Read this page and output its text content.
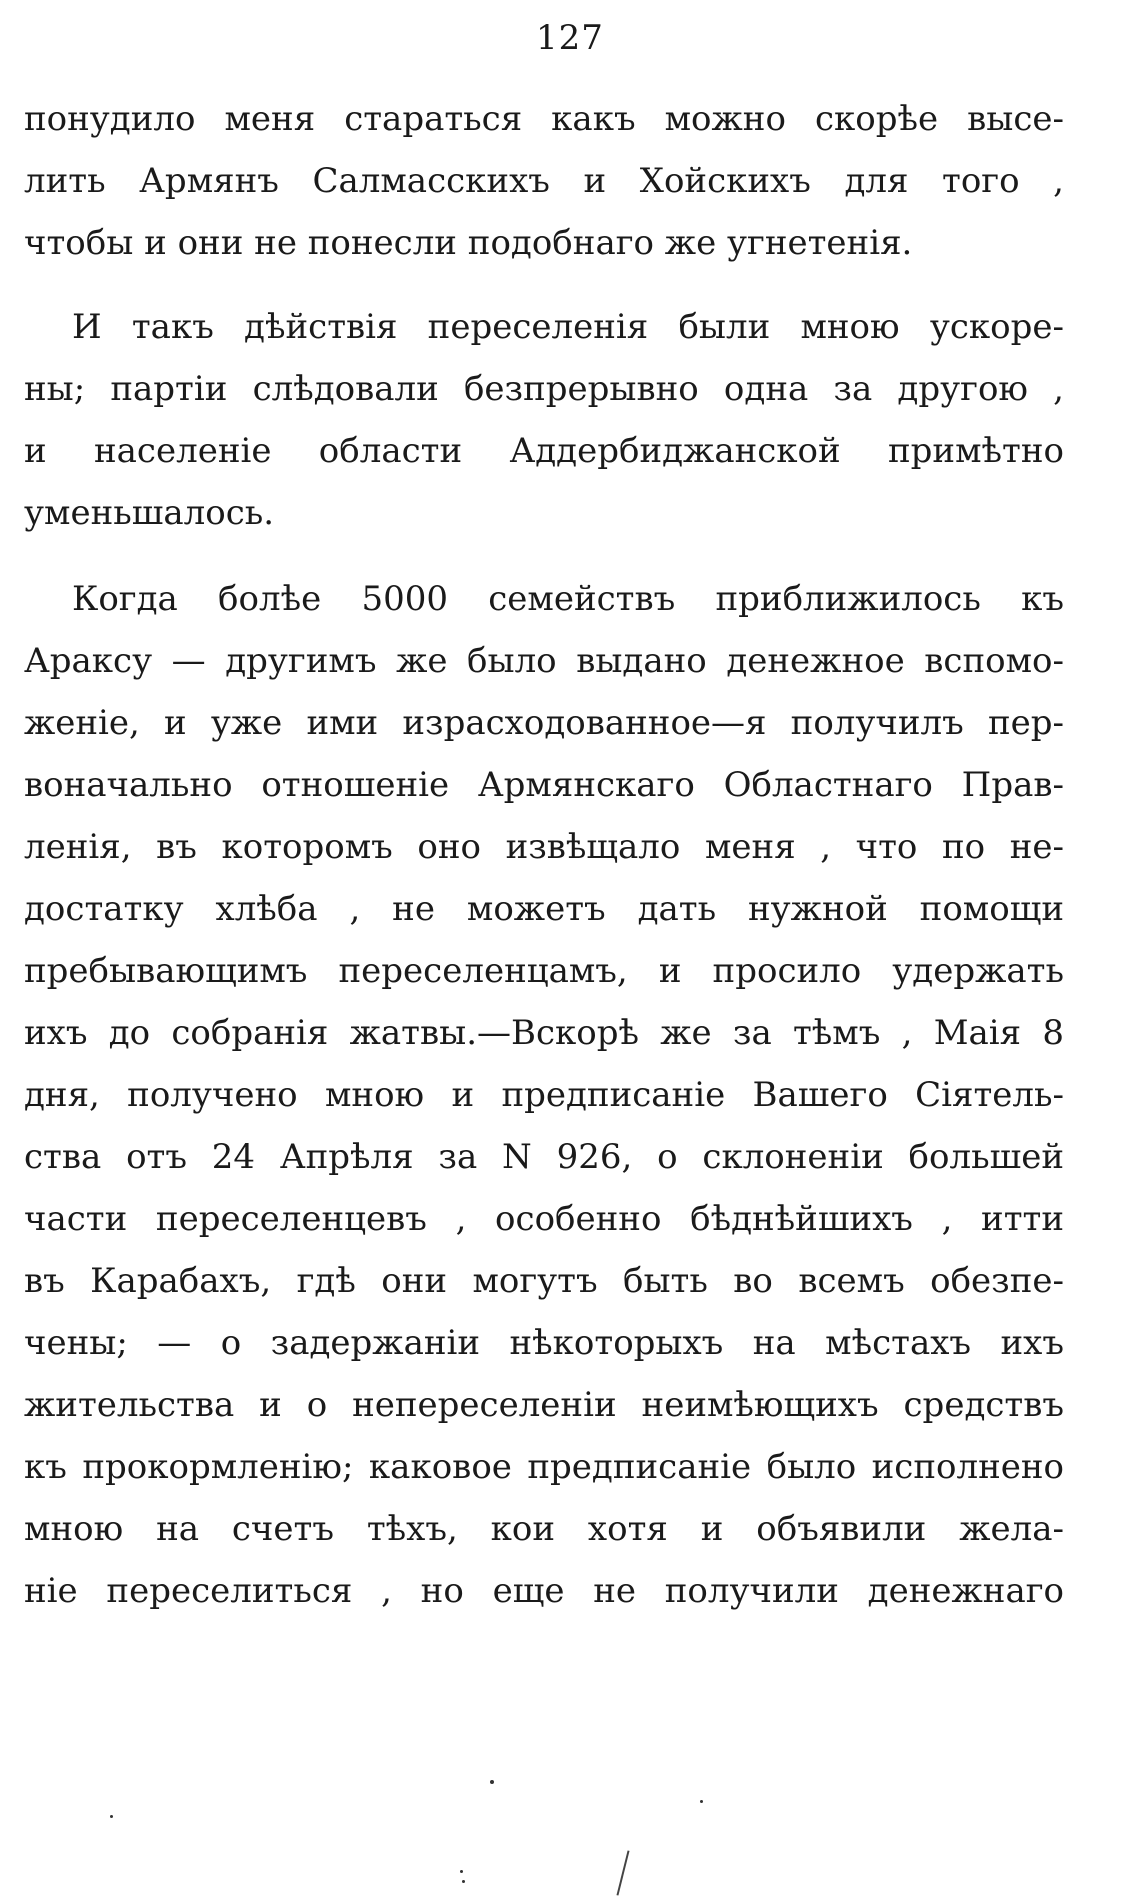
127
понудило меня стараться какъ можно скорѣе высе-
лить Армянъ Салмасскихъ и Хойскихъ для того ,
чтобы и они не понесли подобнаго же угнетенія.
И такъ дѣйствія переселенія были мною ускоре-
ны; партіи слѣдовали безпрерывно одна за другою ,
и населеніе области Аддербиджанской примѣтно
уменьшалось.
Когда болѣе 5000 семействъ приближилось къ
Араксу — другимъ же было выдано денежное вспомо-
женіе, и уже ими израсходованное—я получилъ пер-
воначально отношеніе Армянскаго Областнаго Прав-
ленія, въ которомъ оно извѣщало меня , что по не-
достатку хлѣба , не можетъ дать нужной помощи
пребывающимъ переселенцамъ, и просило удержать
ихъ до собранія жатвы.—Вскорѣ же за тѣмъ , Маія 8
дня, получено мною и предписаніе Вашего Сіятель-
ства отъ 24 Апрѣля за N 926, о склоненіи большей
части переселенцевъ , особенно бѣднѣйшихъ , итти
въ Карабахъ, гдѣ они могутъ быть во всемъ обезпе-
чены; — о задержаніи нѣкоторыхъ на мѣстахъ ихъ
жительства и о непереселеніи неимѣющихъ средствъ
къ прокормленію; каковое предписаніе было исполнено
мною на счетъ тѣхъ, кои хотя и объявили жела-
ніе переселиться , но еще не получили денежнаго
